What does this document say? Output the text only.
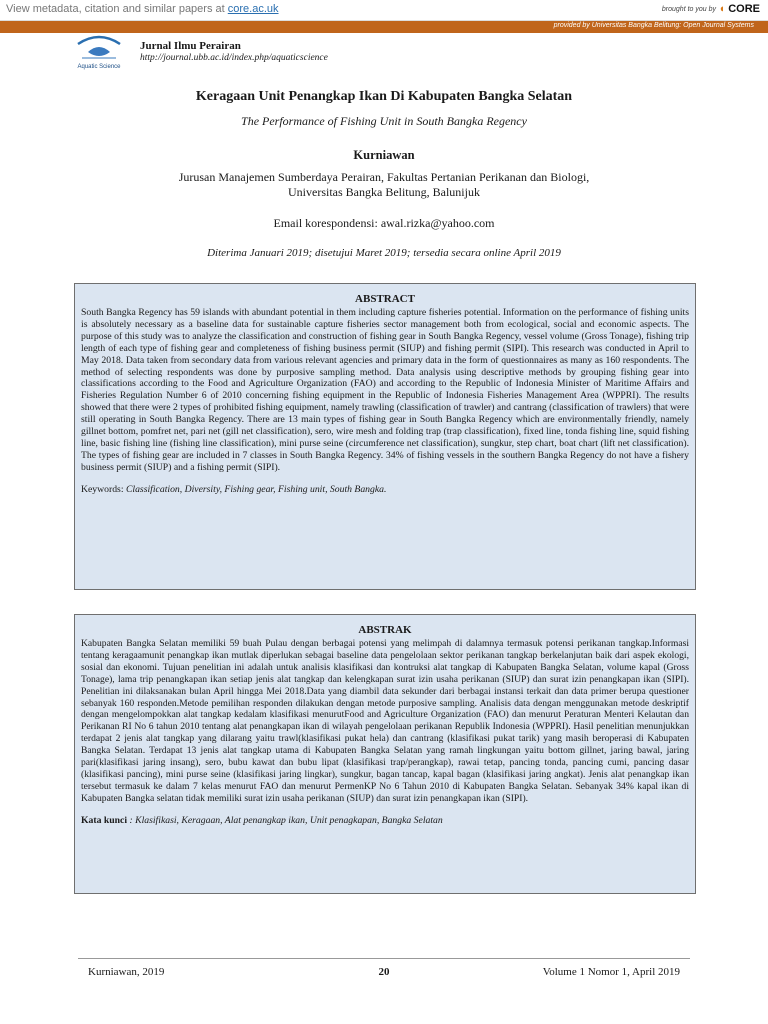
View metadata, citation and similar papers at core.ac.uk	brought to you by ◖ CORE
provided by Universitas Bangka Belitung: Open Journal Systems
Aquatic Science
Jurnal Ilmu Perairan
http://journal.ubb.ac.id/index.php/aquaticscience
Keragaan Unit Penangkap Ikan Di Kabupaten Bangka Selatan
The Performance of Fishing Unit in South Bangka Regency
Kurniawan
Jurusan Manajemen Sumberdaya Perairan, Fakultas Pertanian Perikanan dan Biologi,
Universitas Bangka Belitung, Balunijuk
Email korespondensi: awal.rizka@yahoo.com
Diterima Januari 2019; disetujui Maret 2019; tersedia secara online April 2019
ABSTRACT
South Bangka Regency has 59 islands with abundant potential in them including capture fisheries potential. Information on the performance of fishing units is absolutely necessary as a baseline data for sustainable capture fisheries sector management both from ecological, social and economic aspects. The purpose of this study was to analyze the classification and construction of fishing gear in South Bangka Regency, vessel volume (Gross Tonage), fishing trip length of each type of fishing gear and completeness of fishing business permit (SIUP) and fishing permit (SIPI). This research was conducted in April to May 2018. Data taken from secondary data from various relevant agencies and primary data in the form of questionnaires as many as 160 respondents. The method of selecting respondents was done by purposive sampling method. Data analysis using descriptive methods by grouping fishing gear into classifications according to the Food and Agriculture Organization (FAO) and according to the Republic of Indonesia Minister of Maritime Affairs and Fisheries Regulation Number 6 of 2010 concerning fishing equipment in the Republic of Indonesia Fisheries Management Area (WPPRI). The results showed that there were 2 types of prohibited fishing equipment, namely trawling (classification of trawler) and cantrang (classification of trawlers) that were still operating in South Bangka Regency. There are 13 main types of fishing gear in South Bangka Regency which are environmentally friendly, namely gillnet bottom, pomfret net, pari net (gill net classification), sero, wire mesh and folding trap (trap classification), fixed line, tonda fishing line, squid fishing line, basic fishing line (fishing line classification), mini purse seine (circumference net classification), sungkur, step chart, boat chart (lift net classification). The types of fishing gear are included in 7 classes in South Bangka Regency. 34% of fishing vessels in the southern Bangka Regency do not have a fishery business permit (SIUP) and a fishing permit (SIPI).
Keywords: Classification, Diversity, Fishing gear, Fishing unit, South Bangka.
ABSTRAK
Kabupaten Bangka Selatan memiliki 59 buah Pulau dengan berbagai potensi yang melimpah di dalamnya termasuk potensi perikanan tangkap.Informasi tentang keragaamunit penangkap ikan mutlak diperlukan sebagai baseline data pengelolaan sektor perikanan tangkap berkelanjutan baik dari aspek ekologi, sosial dan ekonomi. Tujuan penelitian ini adalah untuk analisis klasifikasi dan kontruksi alat tangkap di Kabupaten Bangka Selatan, volume kapal (Gross Tonage), lama trip penangkapan ikan setiap jenis alat tangkap dan kelengkapan surat izin usaha perikanan (SIUP) dan surat izin penangkapan ikan (SIPI). Penelitian ini dilaksanakan bulan April hingga Mei 2018.Data yang diambil data sekunder dari berbagai instansi terkait dan data primer berupa questioner sebanyak 160 responden.Metode pemilihan responden dilakukan dengan metode purposive sampling. Analisis data dengan menggunakan metode deskriptif dengan mengelompokkan alat tangkap kedalam klasifikasi menurutFood and Agriculture Organization (FAO) dan menurut Peraturan Menteri Kelautan dan Perikanan RI No 6 tahun 2010 tentang alat penangkapan ikan di wilayah pengelolaan perikanan Republik Indonesia (WPPRI). Hasil penelitian menunjukkan terdapat 2 jenis alat tangkap yang dilarang yaitu trawl(klasifikasi pukat hela) dan cantrang (klasifikasi pukat tarik) yang masih beroperasi di Kabupaten Bangka Selatan. Terdapat 13 jenis alat tangkap utama di Kabupaten Bangka Selatan yang ramah lingkungan yaitu bottom gillnet, jaring bawal, jaring pari(klasifikasi jaring insang), sero, bubu kawat dan bubu lipat (klasifikasi trap/perangkap), rawai tetap, pancing tonda, pancing cumi, pancing dasar (klasifikasi pancing), mini purse seine (klasifikasi jaring lingkar), sungkur, bagan tancap, kapal bagan (klasifikasi jaring angkat). Jenis alat penangkap ikan tersebut termasuk ke dalam 7 kelas menurut FAO dan menurut PermenKP No 6 Tahun 2010 di Kabupaten Bangka Selatan. Sebanyak 34% kapal ikan di Kabupaten Bangka selatan tidak memiliki surat izin usaha perikanan (SIUP) dan surat izin penangkapan ikan (SIPI).
Kata kunci : Klasifikasi, Keragaan, Alat penangkap ikan, Unit penagkapan, Bangka Selatan
Kurniawan, 2019	20	Volume 1 Nomor 1, April 2019
